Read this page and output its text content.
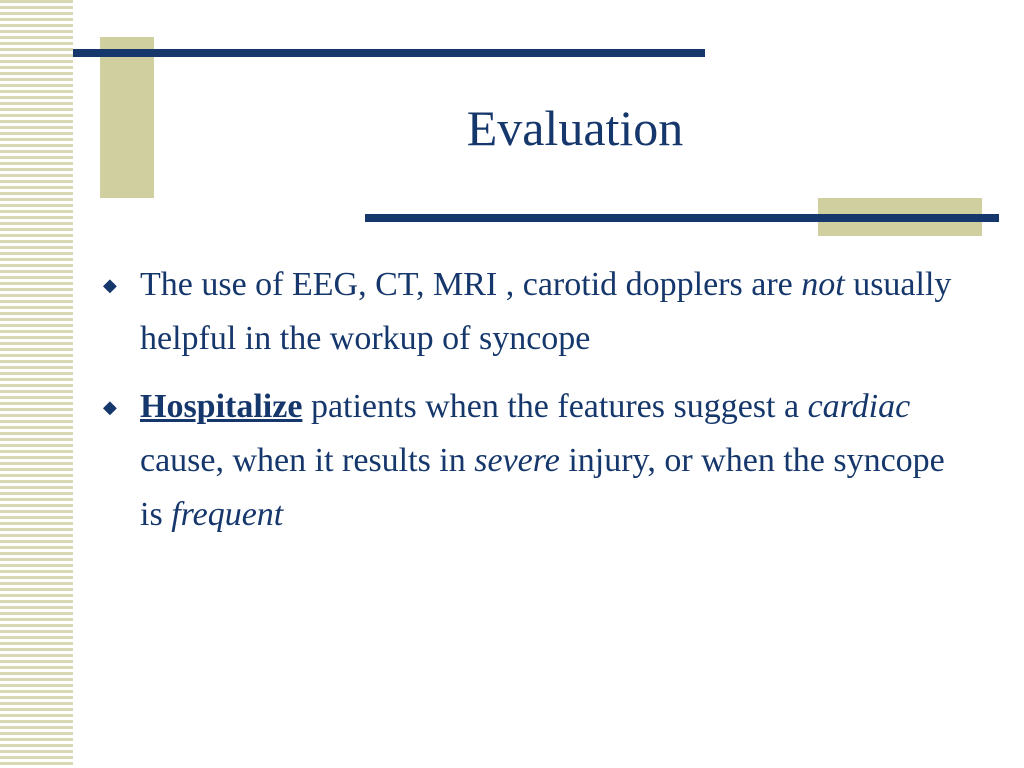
Evaluation
◆ The use of EEG, CT, MRI , carotid dopplers are not usually helpful in the workup of syncope
◆ Hospitalize patients when the features suggest a cardiac cause, when it results in severe injury, or when the syncope is frequent
